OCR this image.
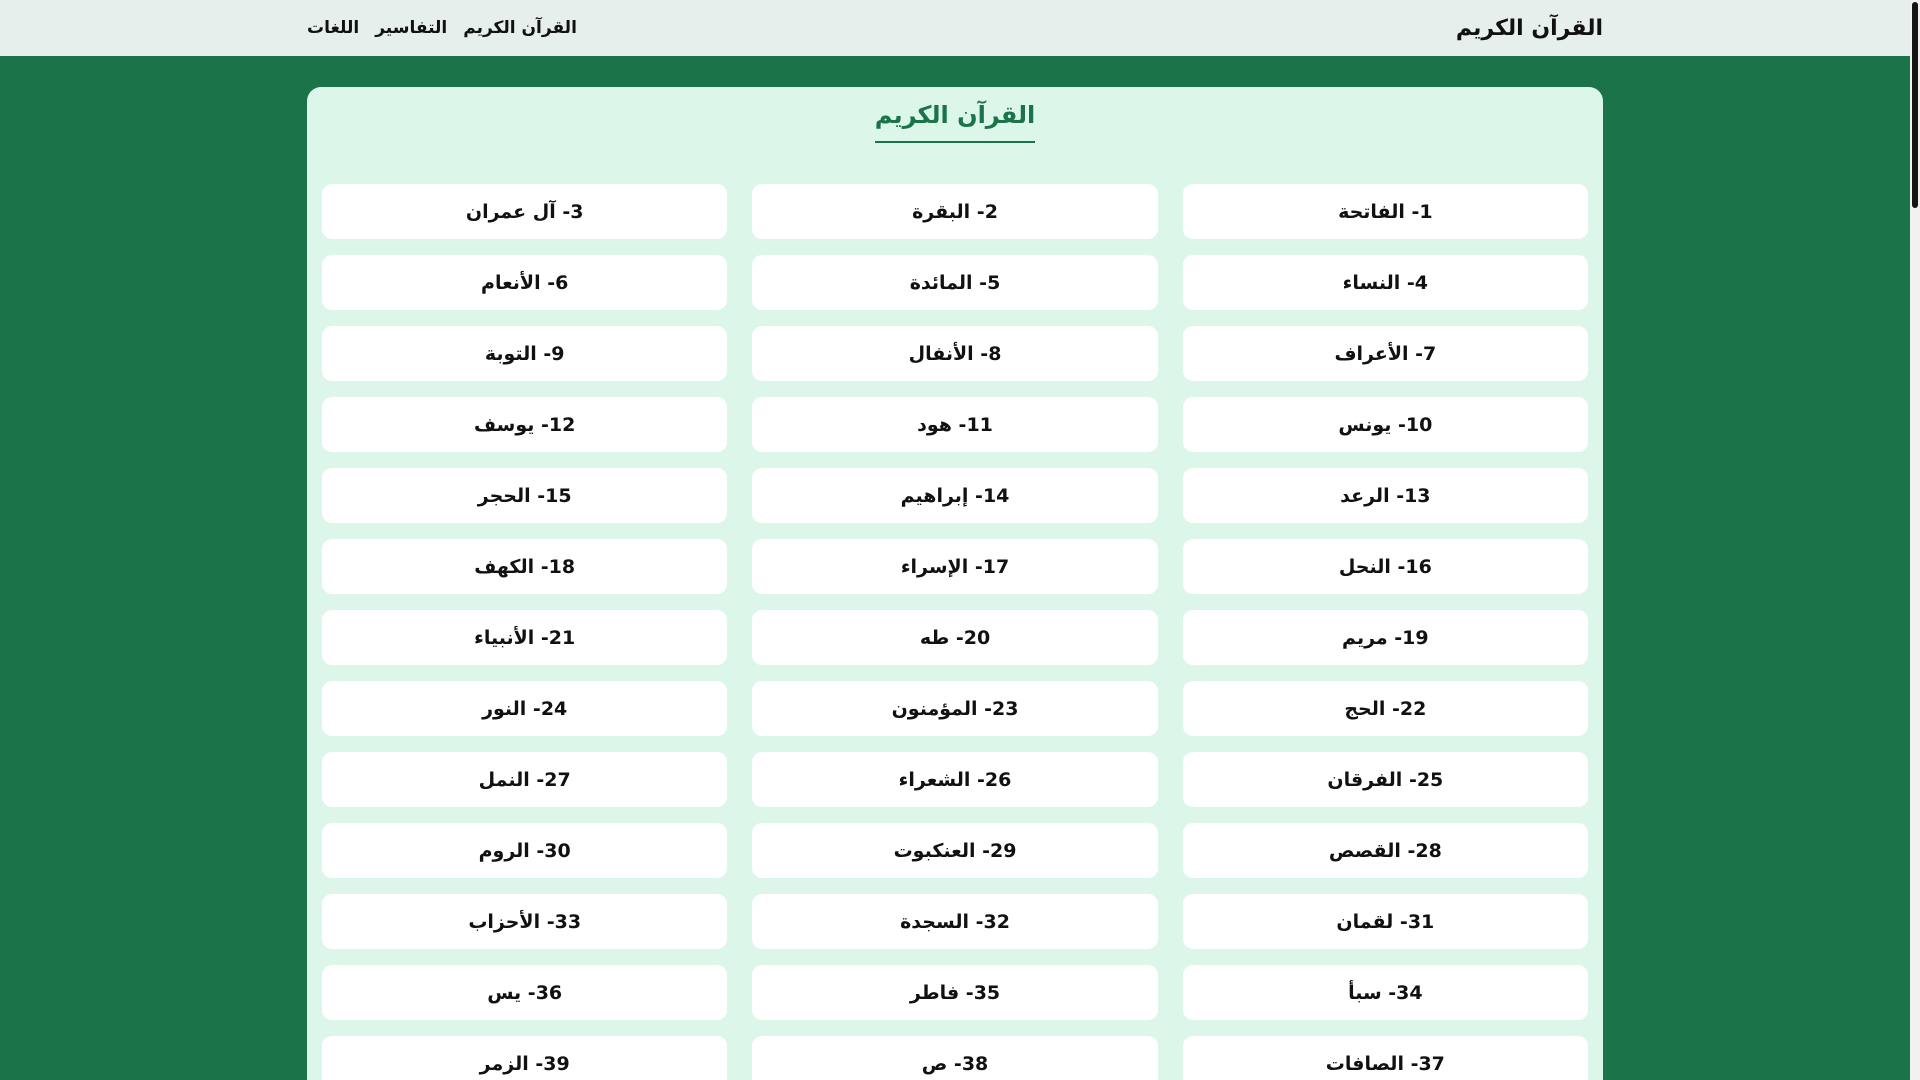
القرآن الكريم
القرآن الكريم
التفاسير
اللغات
القرآن الكريم
1- الفاتحة
2- البقرة
3- آل عمران
4- النساء
5- المائدة
6- الأنعام
7- الأعراف
8- الأنفال
9- التوبة
10- يونس
11- هود
12- يوسف
13- الرعد
14- إبراهيم
15- الحجر
16- النحل
17- الإسراء
18- الكهف
19- مريم
20- طه
21- الأنبياء
22- الحج
23- المؤمنون
24- النور
25- الفرقان
26- الشعراء
27- النمل
28- القصص
29- العنكبوت
30- الروم
31- لقمان
32- السجدة
33- الأحزاب
34- سبأ
35- فاطر
36- يس
37- الصافات
38- ص
39- الزمر
